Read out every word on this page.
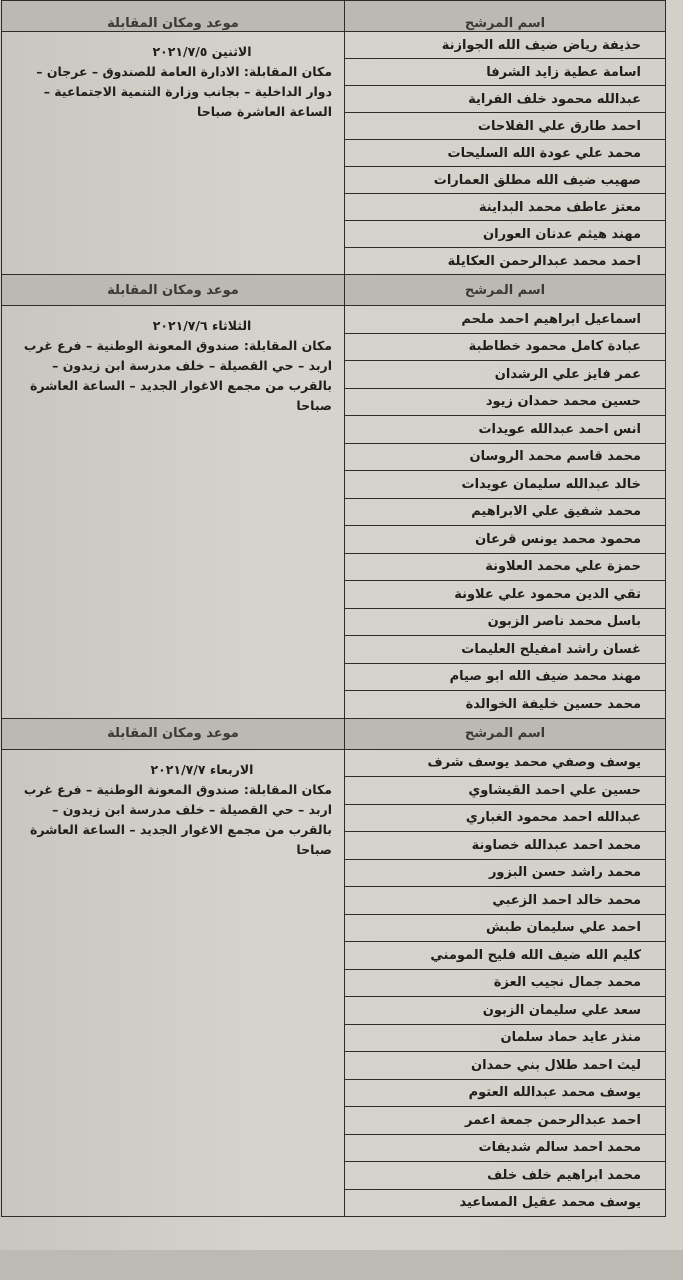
اسم المرشح	موعد ومكان المقابلة
حذيفة رياض ضيف الله الجوازنة	الاثنين ٢٠٢١/٧/٥
مكان المقابلة: الادارة العامة للصندوق – عرجان – دوار الداخلية – بجانب وزارة التنمية الاجتماعية – الساعة العاشرة صباحا

اسامة عطية زايد الشرفا	
عبدالله محمود خلف الفراية	
احمد طارق علي الفلاحات	
محمد علي عودة الله السليحات	
صهيب ضيف الله مطلق العمارات	
معتز عاطف محمد البداينة	
مهند هيثم عدنان العوران	
احمد محمد عبدالرحمن العكايلة	
اسم المرشح	موعد ومكان المقابلة
اسماعيل ابراهيم احمد ملحم	الثلاثاء ٢٠٢١/٧/٦
مكان المقابلة: صندوق المعونة الوطنية – فرع غرب اربد – حي القصيلة – خلف مدرسة ابن زيدون – بالقرب من مجمع الاغوار الجديد – الساعة العاشرة صباحا

عبادة كامل محمود خطاطبة	
عمر فايز علي الرشدان	
حسين محمد حمدان زيود	
انس احمد عبدالله عويدات	
محمد قاسم محمد الروسان	
خالد عبدالله سليمان عويدات	
محمد شفيق علي الابراهيم	
محمود محمد يونس قرعان	
حمزة علي محمد العلاونة	
تقي الدين محمود علي علاونة	
باسل محمد ناصر الزبون	
غسان راشد امفيلح العليمات	
مهند محمد ضيف الله ابو صيام	
محمد حسين خليفة الخوالدة	
اسم المرشح	موعد ومكان المقابلة
يوسف وصفي محمد يوسف شرف	الاربعاء ٢٠٢١/٧/٧
مكان المقابلة: صندوق المعونة الوطنية – فرع غرب اربد – حي القصيلة – خلف مدرسة ابن زيدون – بالقرب من مجمع الاغوار الجديد – الساعة العاشرة صباحا

حسين علي احمد القيشاوي	
عبدالله احمد محمود الغباري	
محمد احمد عبدالله خصاونة	
محمد راشد حسن البزور	
محمد خالد احمد الزعبي	
احمد علي سليمان طبش	
كليم الله ضيف الله فليح المومني	
محمد جمال نجيب العزة	
سعد علي سليمان الزبون	
منذر عايد حماد سلمان	
ليث احمد طلال بني حمدان	
يوسف محمد عبدالله العتوم	
احمد عبدالرحمن جمعة اعمر	
محمد احمد سالم شديفات	
محمد ابراهيم خلف خلف	
يوسف محمد عقيل المساعيد	
